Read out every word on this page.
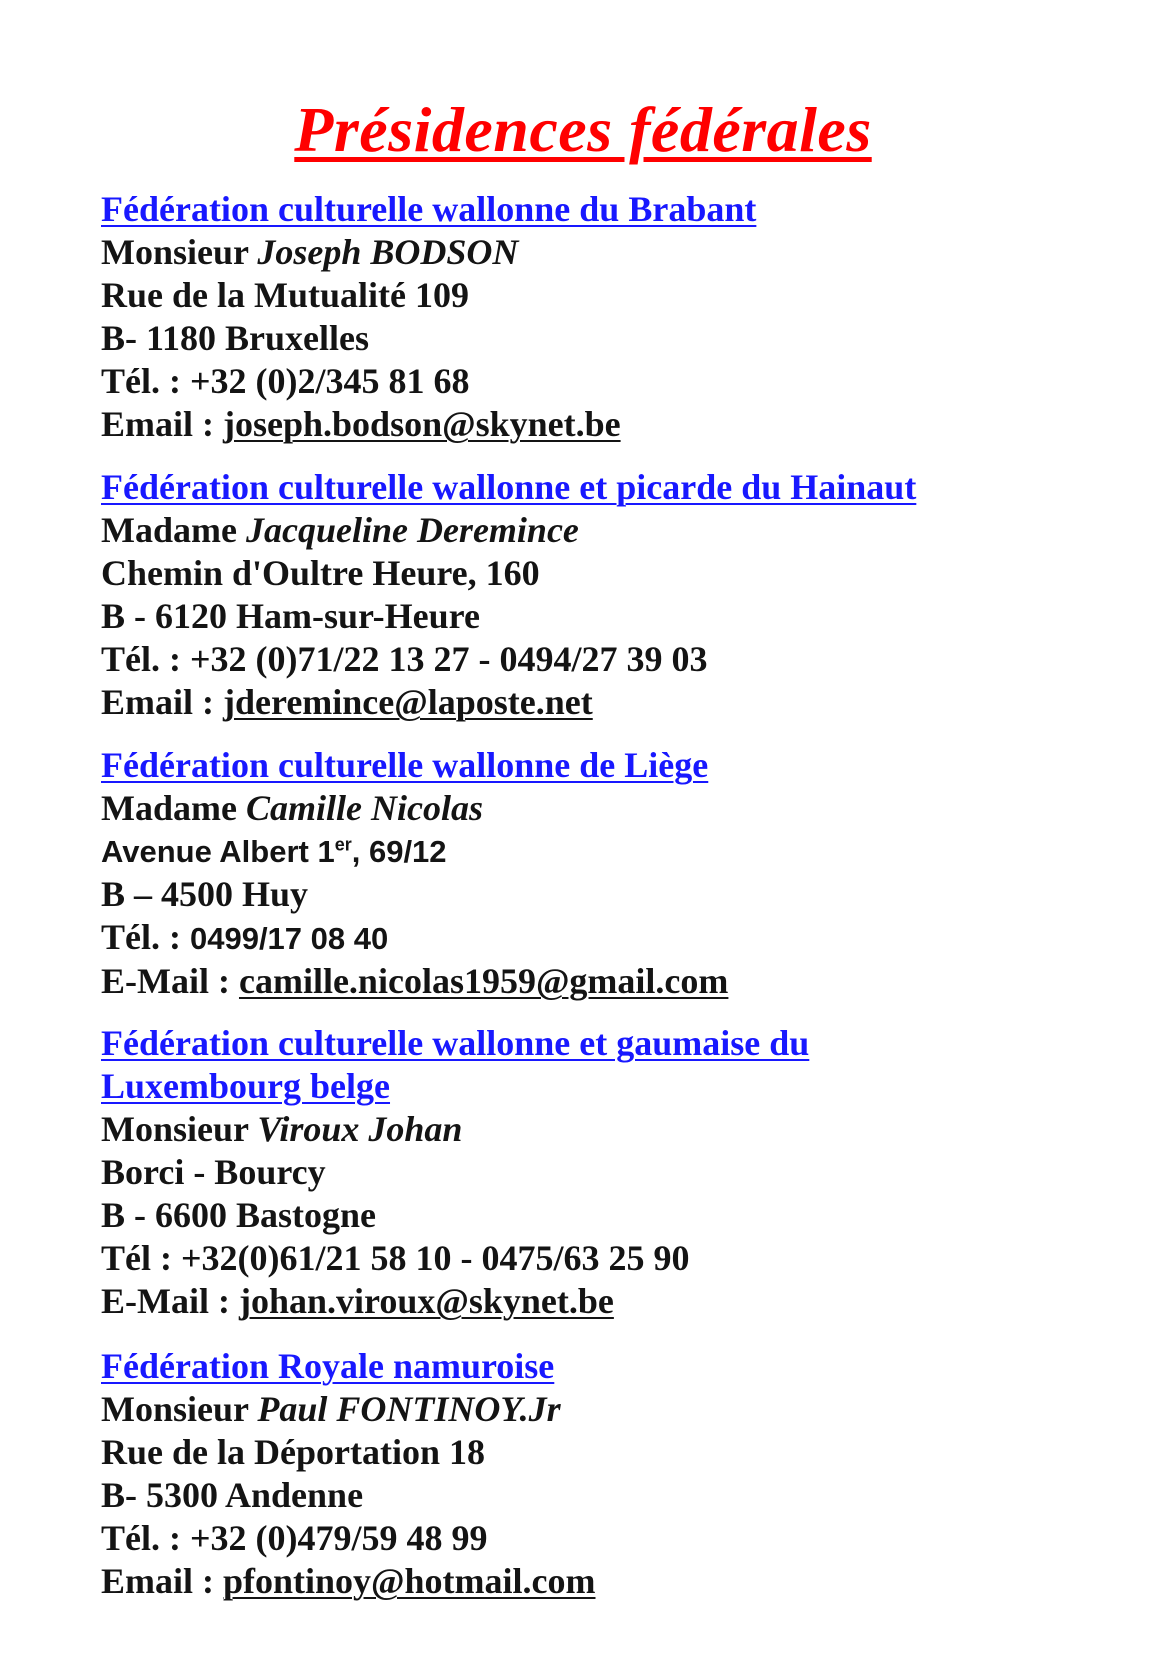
Présidences fédérales
Fédération culturelle wallonne du Brabant
Monsieur Joseph BODSON
Rue de la Mutualité 109
B- 1180 Bruxelles
Tél. : +32 (0)2/345 81 68
Email : joseph.bodson@skynet.be
Fédération culturelle wallonne et picarde du Hainaut
Madame Jacqueline Deremince
Chemin d'Oultre Heure, 160
B - 6120 Ham-sur-Heure
Tél. : +32 (0)71/22 13 27 - 0494/27 39 03
Email : jderemince@laposte.net
Fédération culturelle wallonne de Liège
Madame Camille Nicolas
Avenue Albert 1er, 69/12
B – 4500 Huy
Tél. : 0499/17 08 40
E-Mail : camille.nicolas1959@gmail.com
Fédération culturelle wallonne et gaumaise du Luxembourg belge
Monsieur Viroux Johan
Borci - Bourcy
B - 6600 Bastogne
Tél : +32(0)61/21 58 10 - 0475/63 25 90
E-Mail : johan.viroux@skynet.be
Fédération Royale namuroise
Monsieur Paul FONTINOY.Jr
Rue de la Déportation 18
B- 5300 Andenne
Tél. : +32 (0)479/59 48 99
Email : pfontinoy@hotmail.com
